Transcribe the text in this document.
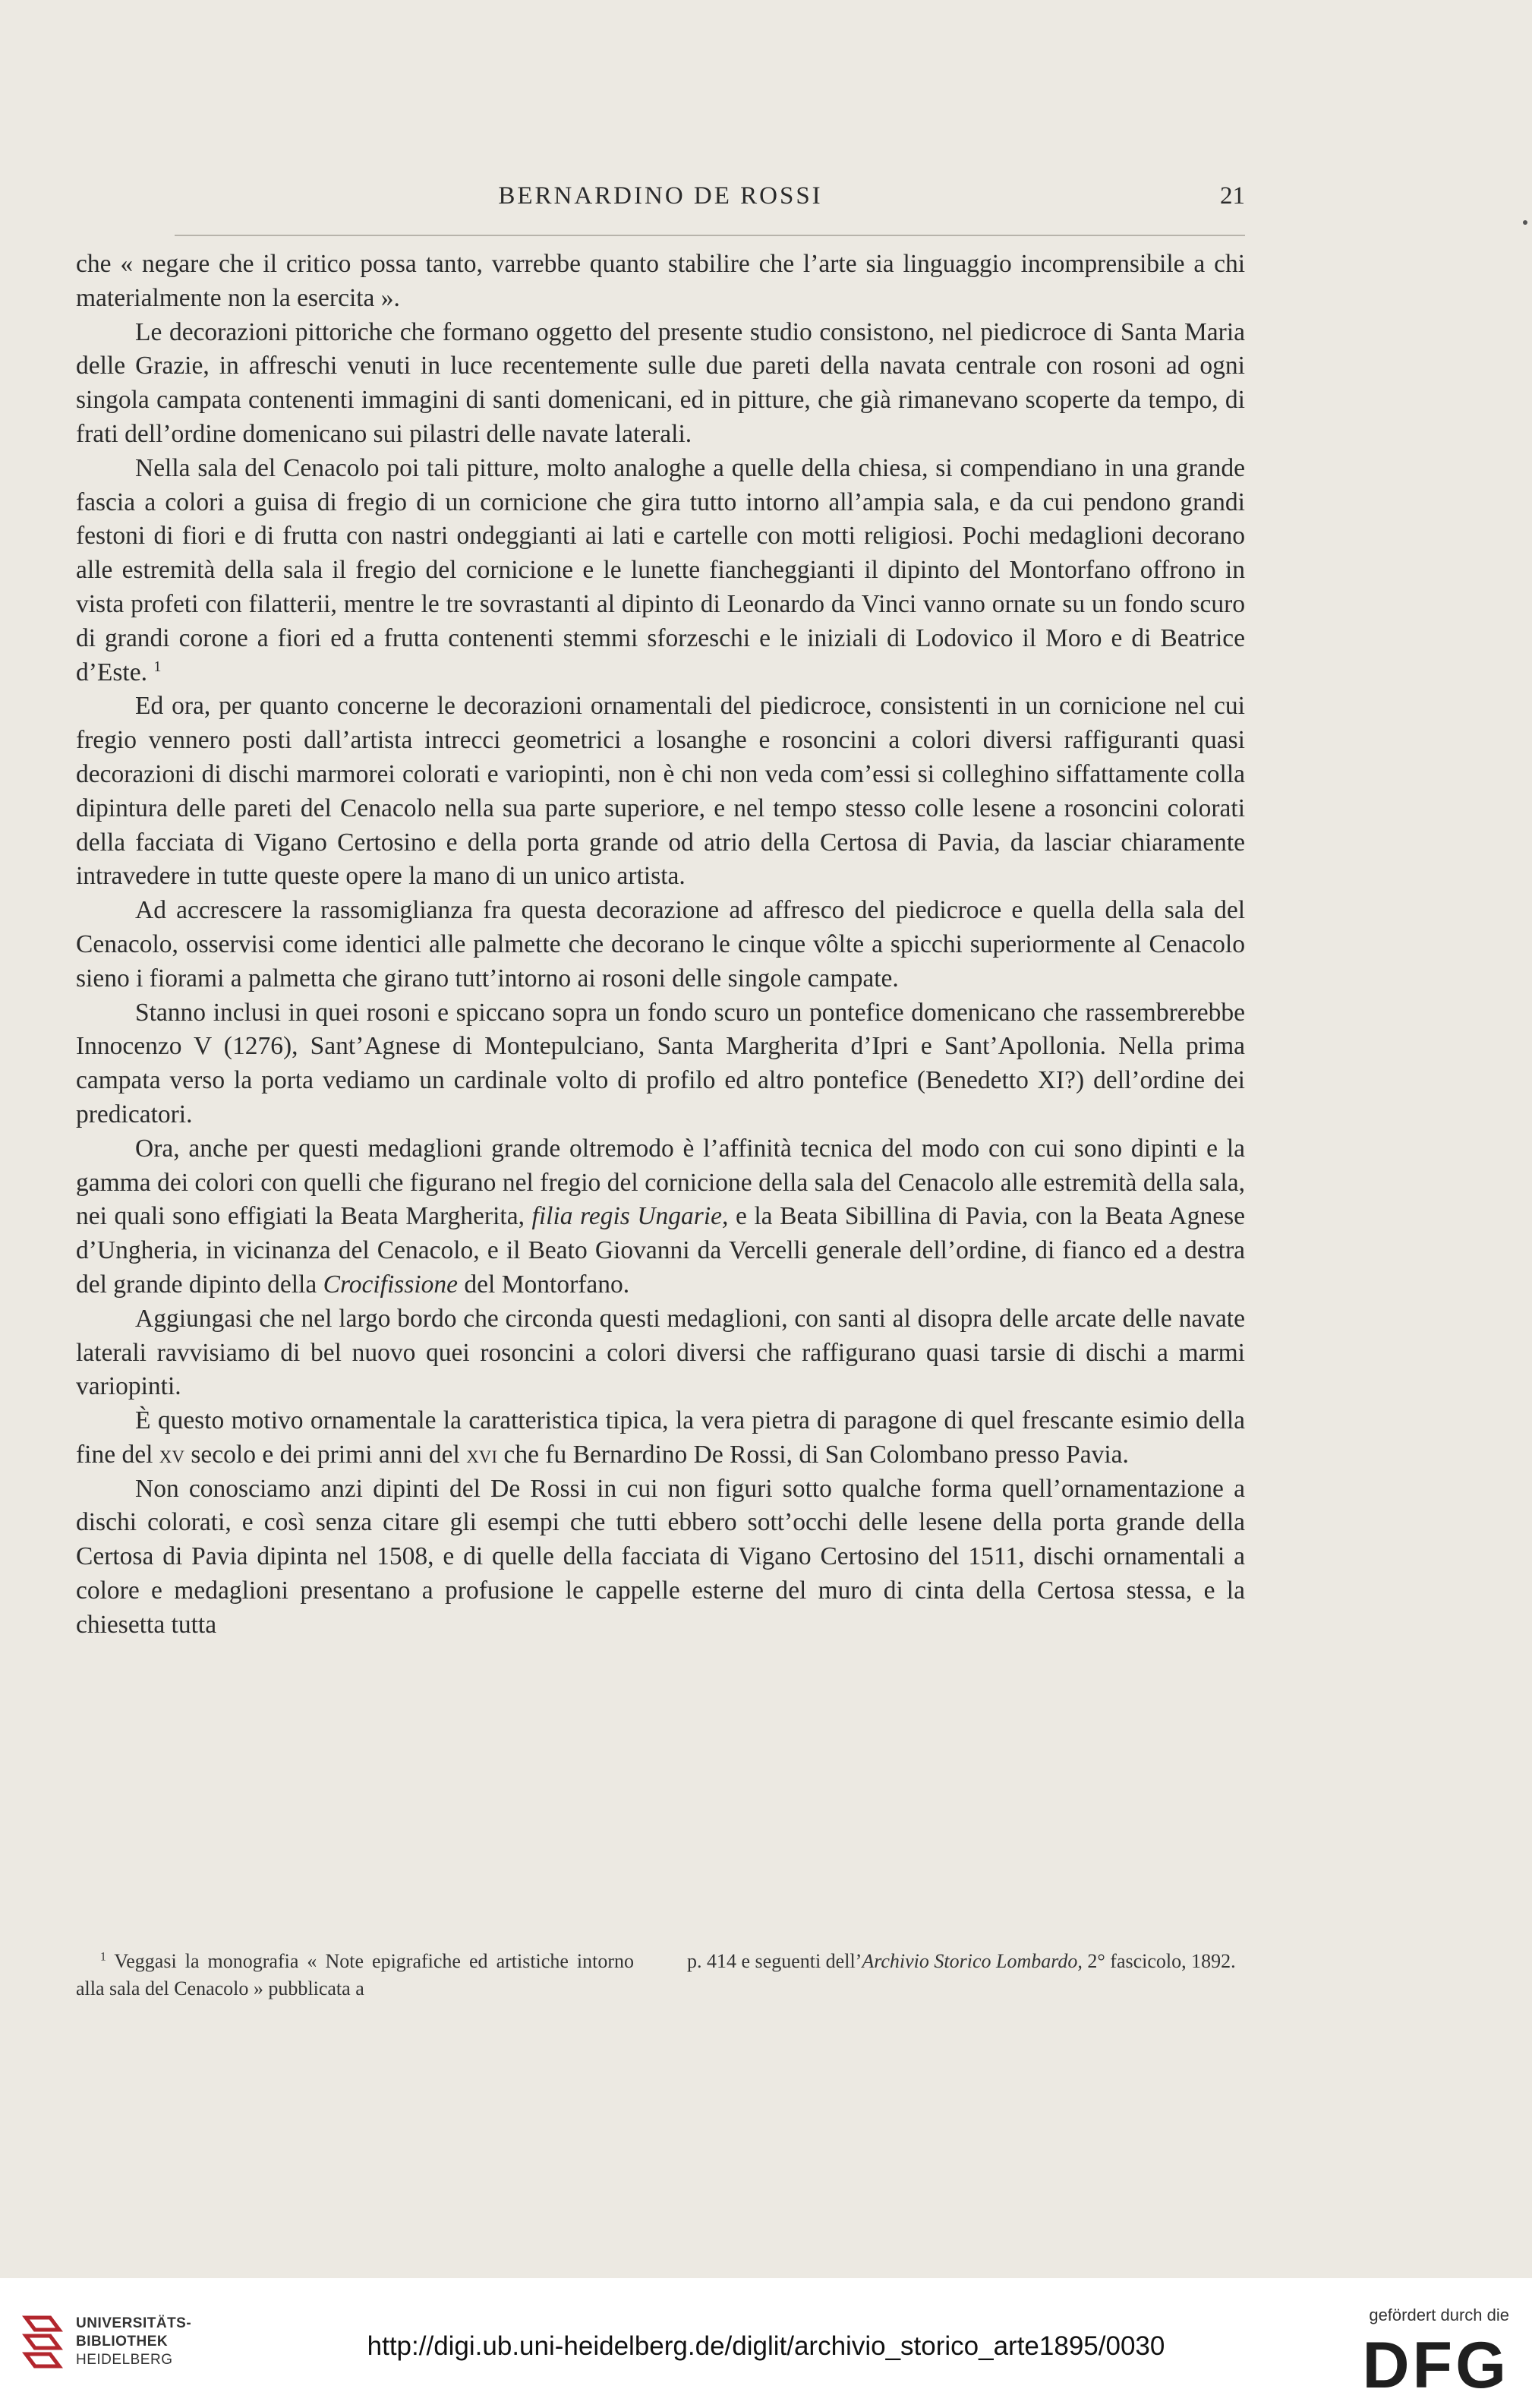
BERNARDINO DE ROSSI	21

che « negare che il critico possa tanto, varrebbe quanto stabilire che l’arte sia linguaggio incomprensibile a chi materialmente non la esercita ».

Le decorazioni pittoriche che formano oggetto del presente studio consistono, nel piedicroce di Santa Maria delle Grazie, in affreschi venuti in luce recentemente sulle due pareti della navata centrale con rosoni ad ogni singola campata contenenti immagini di santi domenicani, ed in pitture, che già rimanevano scoperte da tempo, di frati dell’ordine domenicano sui pilastri delle navate laterali.

Nella sala del Cenacolo poi tali pitture, molto analoghe a quelle della chiesa, si compendiano in una grande fascia a colori a guisa di fregio di un cornicione che gira tutto intorno all’ampia sala, e da cui pendono grandi festoni di fiori e di frutta con nastri ondeggianti ai lati e cartelle con motti religiosi. Pochi medaglioni decorano alle estremità della sala il fregio del cornicione e le lunette fiancheggianti il dipinto del Montorfano offrono in vista profeti con filatterii, mentre le tre sovrastanti al dipinto di Leonardo da Vinci vanno ornate su un fondo scuro di grandi corone a fiori ed a frutta contenenti stemmi sforzeschi e le iniziali di Lodovico il Moro e di Beatrice d’Este. $^1$

Ed ora, per quanto concerne le decorazioni ornamentali del piedicroce, consistenti in un cornicione nel cui fregio vennero posti dall’artista intrecci geometrici a losanghe e rosoncini a colori diversi raffiguranti quasi decorazioni di dischi marmorei colorati e variopinti, non è chi non veda com’essi si colleghino siffattamente colla dipintura delle pareti del Cenacolo nella sua parte superiore, e nel tempo stesso colle lesene a rosoncini colorati della facciata di Vigano Certosino e della porta grande od atrio della Certosa di Pavia, da lasciar chiaramente intravedere in tutte queste opere la mano di un unico artista.

Ad accrescere la rassomiglianza fra questa decorazione ad affresco del piedicroce e quella della sala del Cenacolo, osservisi come identici alle palmette che decorano le cinque vôlte a spicchi superiormente al Cenacolo sieno i fiorami a palmetta che girano tutt’intorno ai rosoni delle singole campate.

Stanno inclusi in quei rosoni e spiccano sopra un fondo scuro un pontefice domenicano che rassembrerebbe Innocenzo V (1276), Sant’Agnese di Montepulciano, Santa Margherita d’Ipri e Sant’Apollonia. Nella prima campata verso la porta vediamo un cardinale volto di profilo ed altro pontefice (Benedetto XI?) dell’ordine dei predicatori.

Ora, anche per questi medaglioni grande oltremodo è l’affinità tecnica del modo con cui sono dipinti e la gamma dei colori con quelli che figurano nel fregio del cornicione della sala del Cenacolo alle estremità della sala, nei quali sono effigiati la Beata Margherita, filia regis Ungarie, e la Beata Sibillina di Pavia, con la Beata Agnese d’Ungheria, in vicinanza del Cenacolo, e il Beato Giovanni da Vercelli generale dell’ordine, di fianco ed a destra del grande dipinto della Crocifissione del Montorfano.

Aggiungasi che nel largo bordo che circonda questi medaglioni, con santi al disopra delle arcate delle navate laterali ravvisiamo di bel nuovo quei rosoncini a colori diversi che raffigurano quasi tarsie di dischi a marmi variopinti.

È questo motivo ornamentale la caratteristica tipica, la vera pietra di paragone di quel frescante esimio della fine del xv secolo e dei primi anni del xvi che fu Bernardino De Rossi, di San Colombano presso Pavia.

Non conosciamo anzi dipinti del De Rossi in cui non figuri sotto qualche forma quell’ornamentazione a dischi colorati, e così senza citare gli esempi che tutti ebbero sott’occhi delle lesene della porta grande della Certosa di Pavia dipinta nel 1508, e di quelle della facciata di Vigano Certosino del 1511, dischi ornamentali a colore e medaglioni presentano a profusione le cappelle esterne del muro di cinta della Certosa stessa, e la chiesetta tutta

$^1$ Veggasi la monografia « Note epigrafiche ed artistiche intorno alla sala del Cenacolo » pubblicata a
p. 414 e seguenti dell’Archivio Storico Lombardo, 2° fascicolo, 1892.
UNIVERSITÄTS-
BIBLIOTHEK
HEIDELBERG	http://digi.ub.uni-heidelberg.de/diglit/archivio_storico_arte1895/0030
gefördert durch die
DFG
